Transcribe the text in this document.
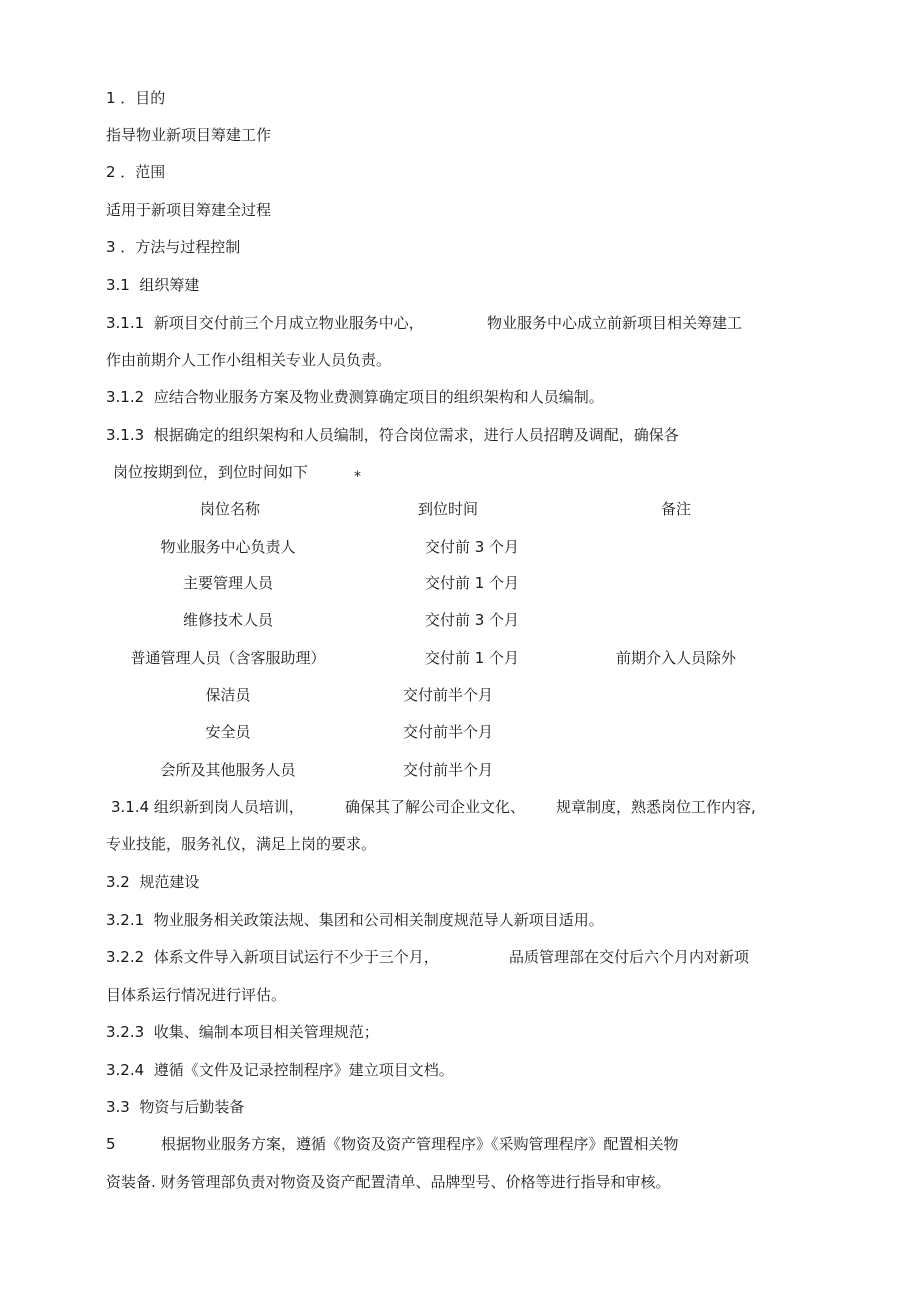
1 ．目的
指导物业新项目筹建工作
2 ．范围
适用于新项目筹建全过程
3 ．方法与过程控制
3.1  组织筹建
3.1.1  新项目交付前三个月成立物业服务中心，	物业服务中心成立前新项目相关筹建工
作由前期介人工作小组相关专业人员负责。
3.1.2  应结合物业服务方案及物业费测算确定项目的组织架构和人员编制。
3.1.3  根据确定的组织架构和人员编制，符合岗位需求，进行人员招聘及调配，确保各
岗位按期到位，到位时间如下	*
岗位名称	到位时间	备注
物业服务中心负责人	交付前 3 个月
主要管理人员	交付前 1 个月
维修技术人员	交付前 3 个月
普通管理人员（含客服助理）	交付前 1 个月	前期介入人员除外
保洁员	交付前半个月
安全员	交付前半个月
会所及其他服务人员	交付前半个月
3.1.4 组织新到岗人员培训，	确保其了解公司企业文化、 规章制度，熟悉岗位工作内容,
专业技能，服务礼仪，满足上岗的要求。
3.2  规范建设
3.2.1  物业服务相关政策法规、集团和公司相关制度规范导人新项目适用。
3.2.2  体系文件导入新项目试运行不少于三个月，	品质管理部在交付后六个月内对新项
目体系运行情况进行评估。
3.2.3  收集、编制本项目相关管理规范；
3.2.4  遵循《文件及记录控制程序》建立项目文档。
3.3  物资与后勤装备
5	根据物业服务方案，遵循《物资及资产管理程序》《采购管理程序》配置相关物
资装备. 财务管理部负责对物资及资产配置清单、品牌型号、价格等进行指导和审核。
